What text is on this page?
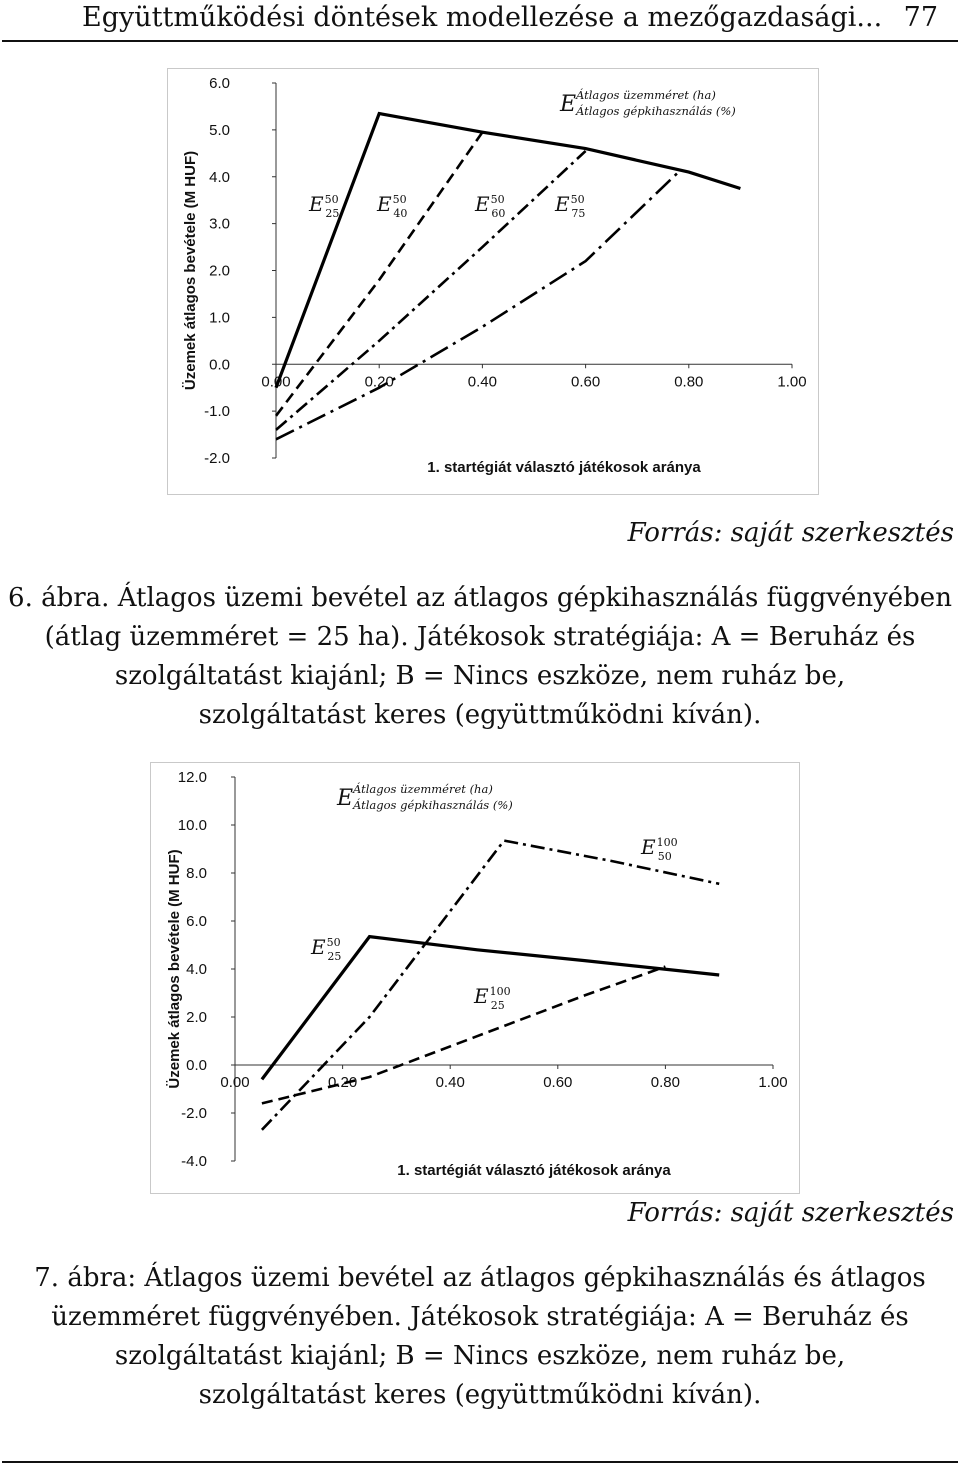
Együttműködési döntések modellezése a mezőgazdasági... 77
6.0
5.0
4.0
3.0
2.0
1.0
0.0
-1.0
-2.0
0.00	0.20	0.40	0.60	0.80	1.00
1. startégiát választó játékosok aránya
Üzemek átlagos bevétele (M HUF)	$E^{50}$ 25 $E^{50}$ 40	$E^{50}$ 60 $E^{50}$ 75
E Átlagos üzemméret (ha)
Átlagos gépkihasználás (%)
Forrás: saját szerkesztés
6. ábra. Átlagos üzemi bevétel az átlagos gépkihasználás függvényében
(átlag üzemméret = 25 ha). Játékosok stratégiája: A = Beruház és
szolgáltatást kiajánl; B = Nincs eszköze, nem ruház be,
szolgáltatást keres (együttműködni kíván).
12.0
10.0
8.0
6.0
4.0
2.0
0.0
-2.0
-4.0
0.00	0.20	0.40	0.60	0.80	1.00
1. startégiát választó játékosok aránya
Üzemek átlagos bevétele (M HUF)	$E^{50}$ 25
$E^{100}$ 25
$E^{100}$ 50
E Átlagos üzemméret (ha)
Átlagos gépkihasználás (%)
Forrás: saját szerkesztés
7. ábra: Átlagos üzemi bevétel az átlagos gépkihasználás és átlagos
üzemméret függvényében. Játékosok stratégiája: A = Beruház és
szolgáltatást kiajánl; B = Nincs eszköze, nem ruház be,
szolgáltatást keres (együttműködni kíván).
